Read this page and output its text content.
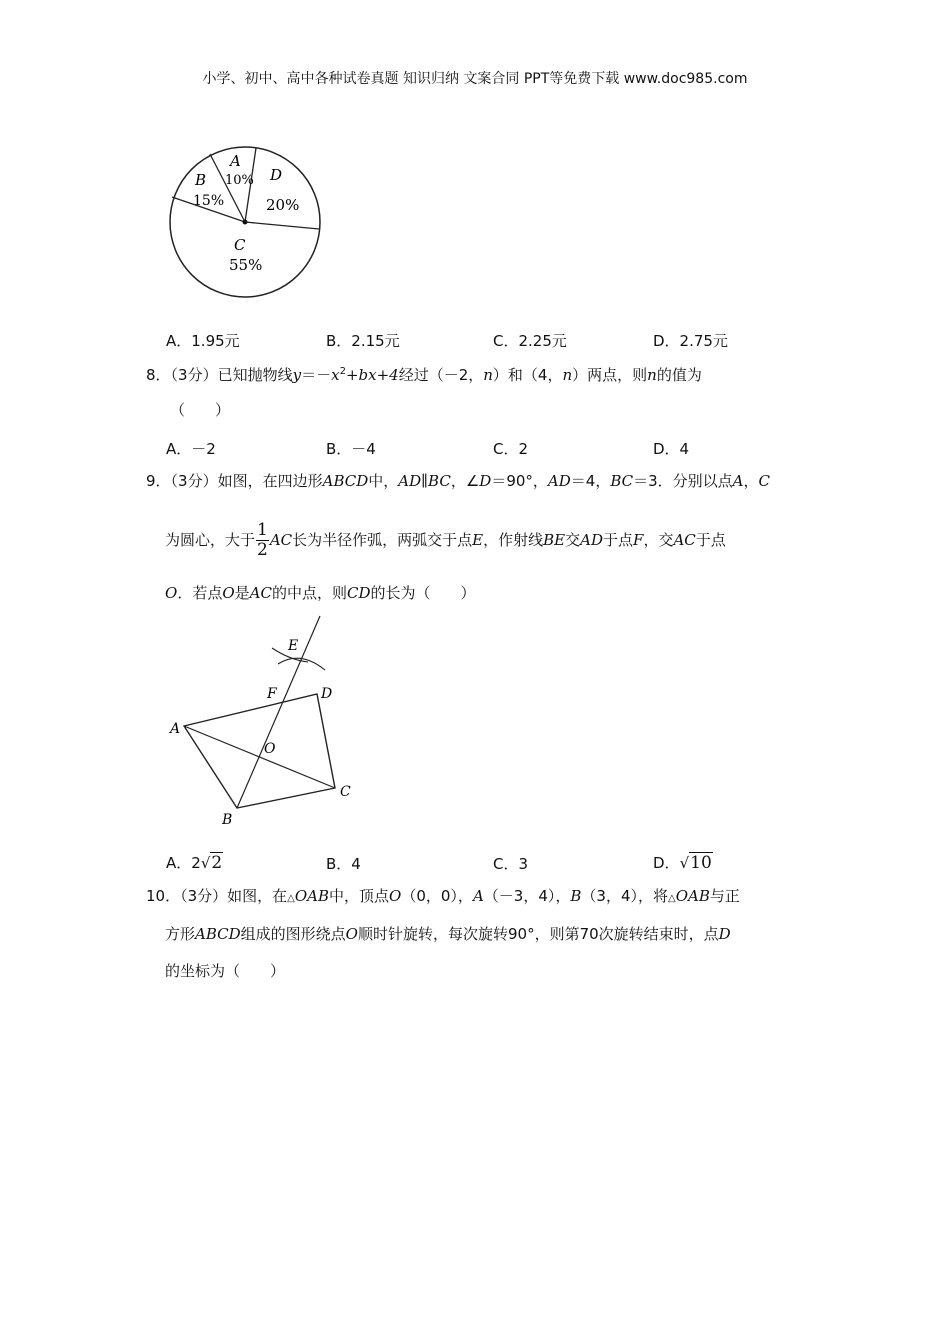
小学、初中、高中各种试卷真题 知识归纳 文案合同 PPT等免费下载 www.doc985.com
A
10%
B
15%
C
55%
D
20%
A．1.95元	B．2.15元	C．2.25元	D．2.75元
8．（3分）已知抛物线$y=-x^2+bx+4$经过（－2，n）和（4，n）两点，则n的值为
（　　）
A．－2	B．－4	C．2	D．4
9．（3分）如图，在四边形ABCD中，AD∥BC，∠D＝90°，AD＝4，BC＝3．分别以点A，C
为圆心，大于 $\frac{1}{2}$ AC长为半径作弧，两弧交于点E，作射线BE交AD于点F，交AC于点
O．若点O是AC的中点，则CD的长为（　　）
A
B
C
D
E
F
O
A．2√2	B．4	C．3	D．√10
10．（3分）如图，在△OAB中，顶点O（0，0），A（－3，4），B（3，4），将△OAB与正
方形ABCD组成的图形绕点O顺时针旋转，每次旋转90°，则第70次旋转结束时，点D
的坐标为（　　）
